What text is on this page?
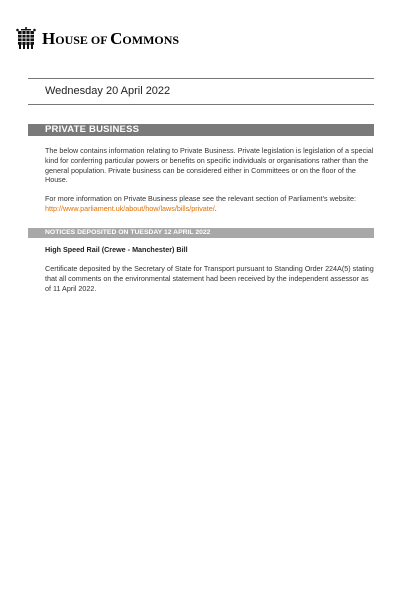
HOUSE OF COMMONS
Wednesday 20 April 2022
PRIVATE BUSINESS

The below contains information relating to Private Business. Private legislation is legislation of a special kind for conferring particular powers or benefits on specific individuals or organisations rather than the general population. Private business can be considered either in Committees or on the floor of the House.

For more information on Private Business please see the relevant section of Parliament's website: http://www.parliament.uk/about/how/laws/bills/private/.

NOTICES DEPOSITED ON TUESDAY 12 APRIL 2022
High Speed Rail (Crewe - Manchester) Bill

Certificate deposited by the Secretary of State for Transport pursuant to Standing Order 224A(5) stating that all comments on the environmental statement had been received by the independent assessor as of 11 April 2022.
